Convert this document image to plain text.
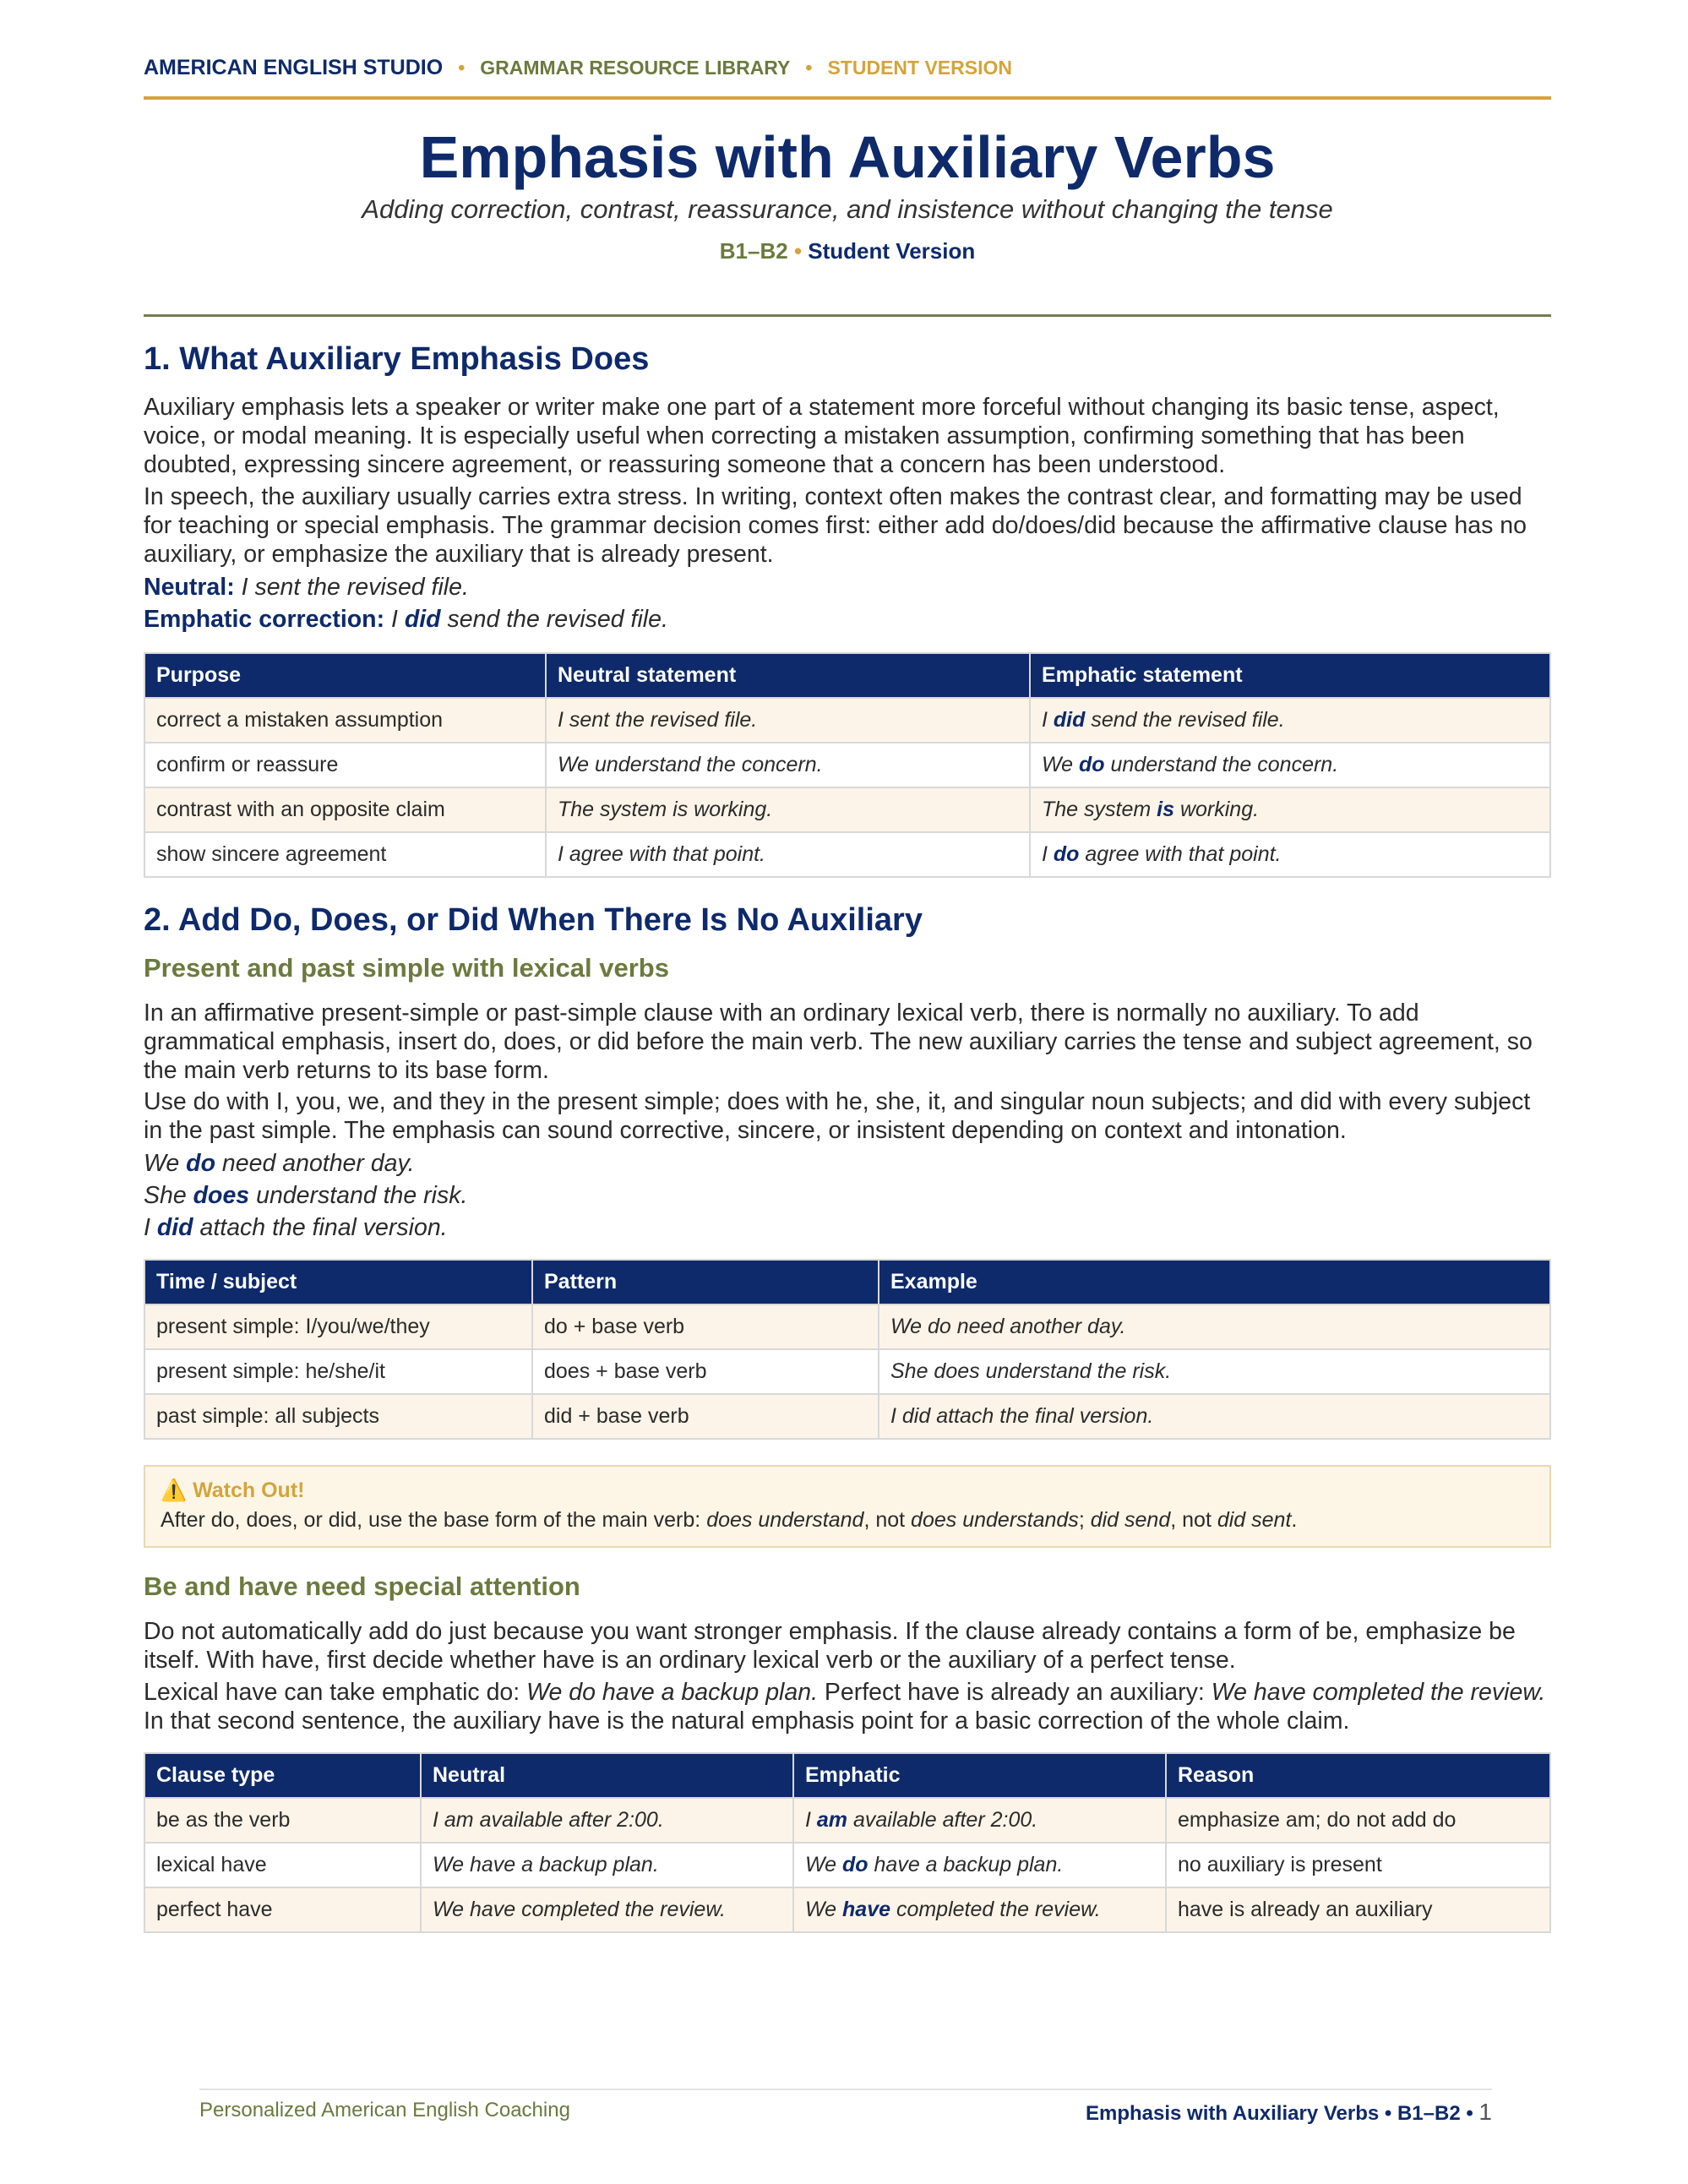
AMERICAN ENGLISH STUDIO • GRAMMAR RESOURCE LIBRARY • STUDENT VERSION
Emphasis with Auxiliary Verbs

Adding correction, contrast, reassurance, and insistence without changing the tense

B1–B2 • Student Version

1. What Auxiliary Emphasis Does

Auxiliary emphasis lets a speaker or writer make one part of a statement more forceful without changing its basic tense, aspect, voice, or modal meaning. It is especially useful when correcting a mistaken assumption, confirming something that has been doubted, expressing sincere agreement, or reassuring someone that a concern has been understood.

In speech, the auxiliary usually carries extra stress. In writing, context often makes the contrast clear, and formatting may be used for teaching or special emphasis. The grammar decision comes first: either add do/does/did because the affirmative clause has no auxiliary, or emphasize the auxiliary that is already present.

Neutral: I sent the revised file.

Emphatic correction: I did send the revised file.

Purpose	Neutral statement	Emphatic statement
correct a mistaken assumption	I sent the revised file.	I did send the revised file.
confirm or reassure	We understand the concern.	We do understand the concern.
contrast with an opposite claim	The system is working.	The system is working.
show sincere agreement	I agree with that point.	I do agree with that point.
2. Add Do, Does, or Did When There Is No Auxiliary
Present and past simple with lexical verbs

In an affirmative present-simple or past-simple clause with an ordinary lexical verb, there is normally no auxiliary. To add grammatical emphasis, insert do, does, or did before the main verb. The new auxiliary carries the tense and subject agreement, so the main verb returns to its base form.

Use do with I, you, we, and they in the present simple; does with he, she, it, and singular noun subjects; and did with every subject in the past simple. The emphasis can sound corrective, sincere, or insistent depending on context and intonation.

We do need another day.

She does understand the risk.

I did attach the final version.

Time / subject	Pattern	Example
present simple: I/you/we/they	do + base verb	We do need another day.
present simple: he/she/it	does + base verb	She does understand the risk.
past simple: all subjects	did + base verb	I did attach the final version.

⚠️ Watch Out!

After do, does, or did, use the base form of the main verb: does understand, not does understands; did send, not did sent.

Be and have need special attention

Do not automatically add do just because you want stronger emphasis. If the clause already contains a form of be, emphasize be itself. With have, first decide whether have is an ordinary lexical verb or the auxiliary of a perfect tense.

Lexical have can take emphatic do: We do have a backup plan. Perfect have is already an auxiliary: We have completed the review. In that second sentence, the auxiliary have is the natural emphasis point for a basic correction of the whole claim.

Clause type	Neutral	Emphatic	Reason
be as the verb	I am available after 2:00.	I am available after 2:00.	emphasize am; do not add do
lexical have	We have a backup plan.	We do have a backup plan.	no auxiliary is present
perfect have	We have completed the review.	We have completed the review.	have is already an auxiliary

Personalized American English Coaching	Emphasis with Auxiliary Verbs • B1–B2 • 1
